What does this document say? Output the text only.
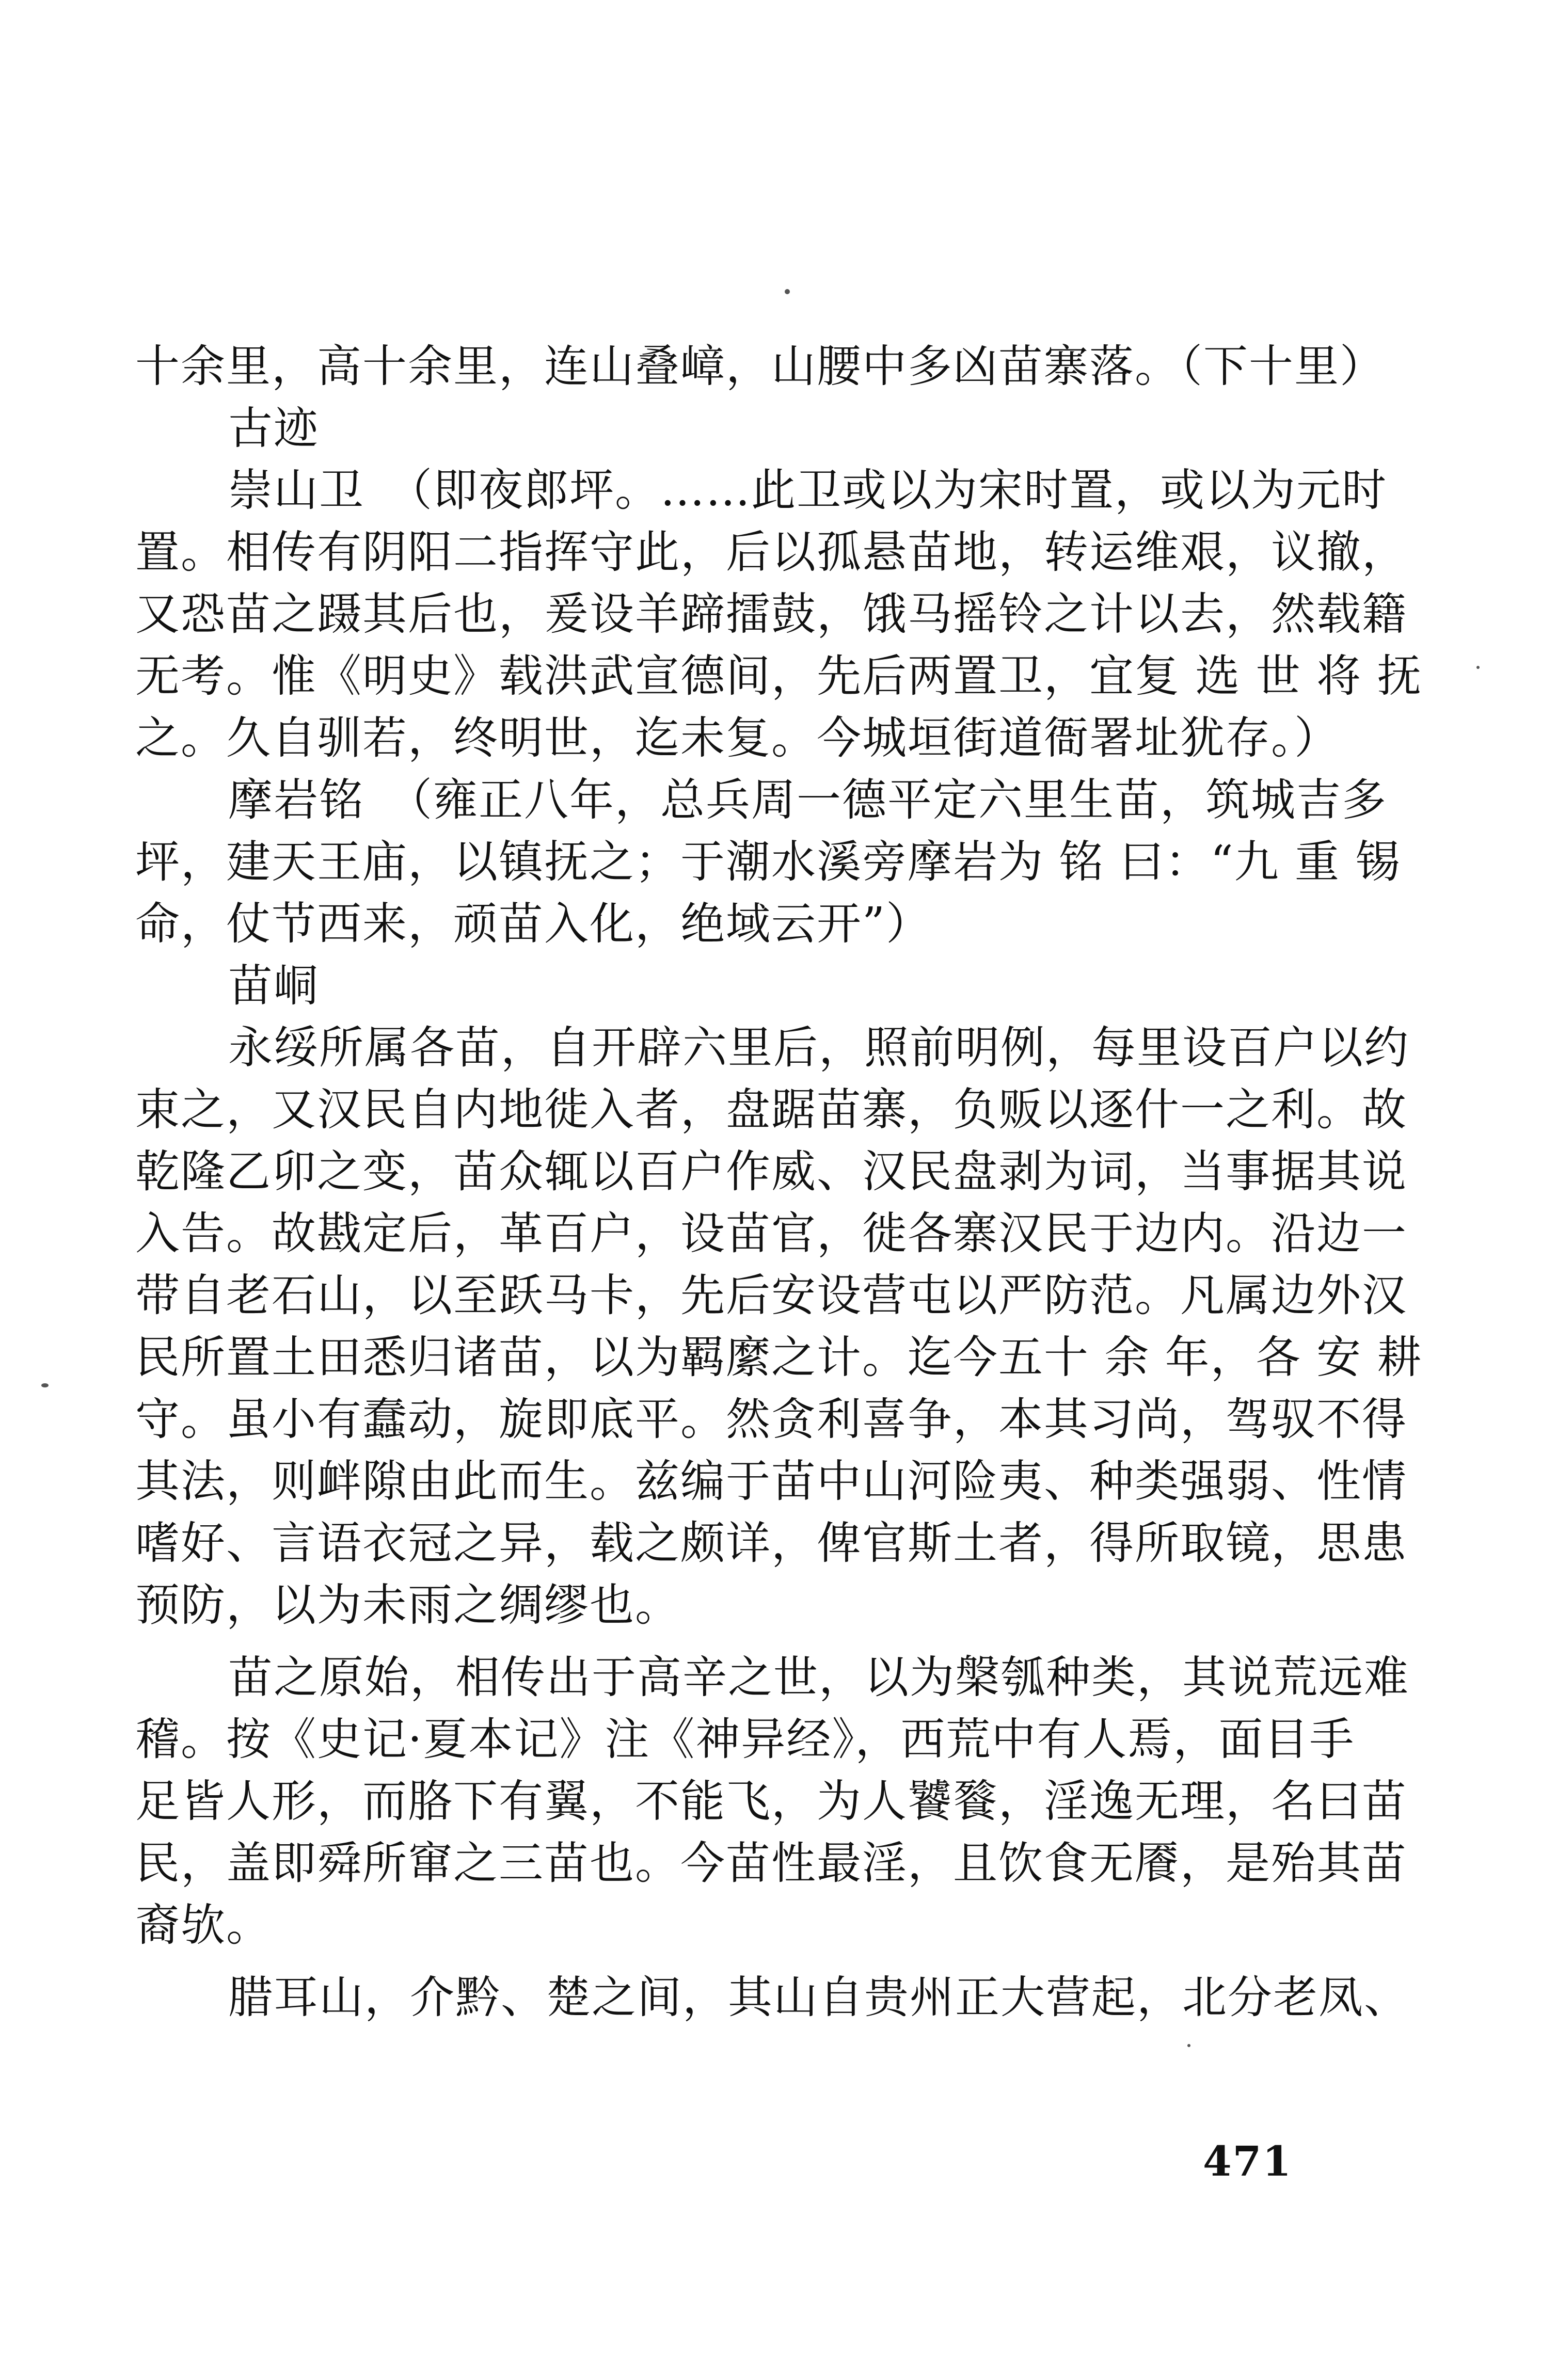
十余里，高十余里，连山叠嶂，山腰中多凶苗寨落。（下十里）
古迹
崇山卫　（即夜郎坪。……此卫或以为宋时置，或以为元时
置。相传有阴阳二指挥守此，后以孤悬苗地，转运维艰，议撤，
又恐苗之蹑其后也，爰设羊蹄擂鼓，饿马摇铃之计以去，然载籍
无考。惟《明史》载洪武宣德间，先后两置卫，宜复 选 世 将 抚
之。久自驯若，终明世，迄未复。今城垣街道衙署址犹存。）
摩岩铭　（雍正八年，总兵周一德平定六里生苗，筑城吉多
坪，建天王庙，以镇抚之；于潮水溪旁摩岩为 铭 曰：“九 重 锡
命，仗节西来，顽苗入化，绝域云开”）
苗峒
永绥所属各苗，自开辟六里后，照前明例，每里设百户以约
束之，又汉民自内地徙入者，盘踞苗寨，负贩以逐什一之利。故
乾隆乙卯之变，苗众辄以百户作威、汉民盘剥为词，当事据其说
入告。故戡定后，革百户，设苗官，徙各寨汉民于边内。沿边一
带自老石山，以至跃马卡，先后安设营屯以严防范。凡属边外汉
民所置土田悉归诸苗，以为羁縻之计。迄今五十 余 年，各 安 耕
守。虽小有蠢动，旋即底平。然贪利喜争，本其习尚，驾驭不得
其法，则衅隙由此而生。兹编于苗中山河险夷、种类强弱、性情
嗜好、言语衣冠之异，载之颇详，俾官斯土者，得所取镜，思患
预防，以为未雨之绸缪也。
苗之原始，相传出于高辛之世，以为槃瓠种类，其说荒远难
稽。按《史记·夏本记》注《神异经》，西荒中有人焉，面目手
足皆人形，而胳下有翼，不能飞，为人饕餮，淫逸无理，名曰苗
民，盖即舜所窜之三苗也。今苗性最淫，且饮食无餍，是殆其苗
裔欤。
腊耳山，介黔、楚之间，其山自贵州正大营起，北分老凤、
471
